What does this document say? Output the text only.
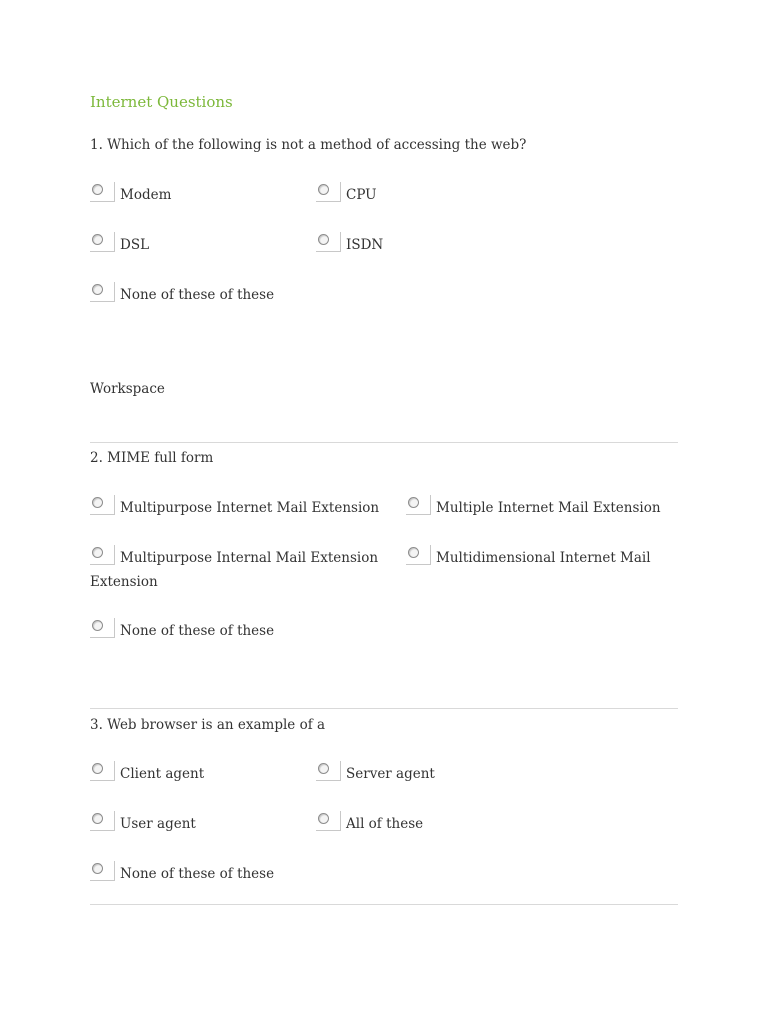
Internet Questions
1. Which of the following is not a method of accessing the web?
Modem	CPU
DSL	ISDN
None of these of these
Workspace
2. MIME full form
Multipurpose Internet Mail Extension	Multiple Internet Mail Extension
Multipurpose Internal Mail Extension	Multidimensional Internet Mail
Extension
None of these of these
3. Web browser is an example of a
Client agent	Server agent
User agent	All of these
None of these of these
